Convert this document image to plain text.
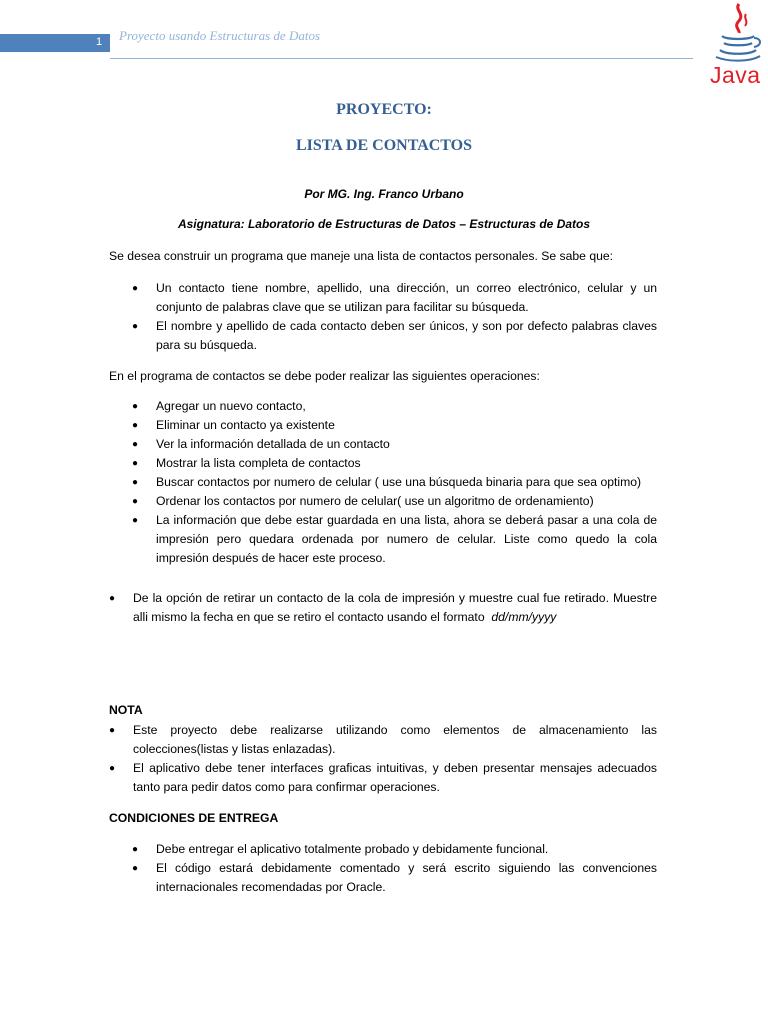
1	Proyecto usando Estructuras de Datos
Java
PROYECTO:
LISTA DE CONTACTOS
Por MG. Ing. Franco Urbano
Asignatura: Laboratorio de Estructuras de Datos – Estructuras de Datos
Se desea construir un programa que maneje una lista de contactos personales. Se sabe que:
● Un contacto tiene nombre, apellido, una dirección, un correo electrónico, celular y un conjunto de palabras clave que se utilizan para facilitar su búsqueda.
● El nombre y apellido de cada contacto deben ser únicos, y son por defecto palabras claves para su búsqueda.
En el programa de contactos se debe poder realizar las siguientes operaciones:
● Agregar un nuevo contacto,
● Eliminar un contacto ya existente
● Ver la información detallada de un contacto
● Mostrar la lista completa de contactos
● Buscar contactos por numero de celular ( use una búsqueda binaria para que sea optimo)
● Ordenar los contactos por numero de celular( use un algoritmo de ordenamiento)
● La información que debe estar guardada en una lista, ahora se deberá pasar a una cola de impresión pero quedara ordenada por numero de celular. Liste como quedo la cola impresión después de hacer este proceso.
● De la opción de retirar un contacto de la cola de impresión y muestre cual fue retirado. Muestre alli mismo la fecha en que se retiro el contacto usando el formato dd/mm/yyyy
NOTA
● Este proyecto debe realizarse utilizando como elementos de almacenamiento las colecciones(listas y listas enlazadas).
● El aplicativo debe tener interfaces graficas intuitivas, y deben presentar mensajes adecuados tanto para pedir datos como para confirmar operaciones.
CONDICIONES DE ENTREGA
● Debe entregar el aplicativo totalmente probado y debidamente funcional.
● El código estará debidamente comentado y será escrito siguiendo las convenciones internacionales recomendadas por Oracle.
